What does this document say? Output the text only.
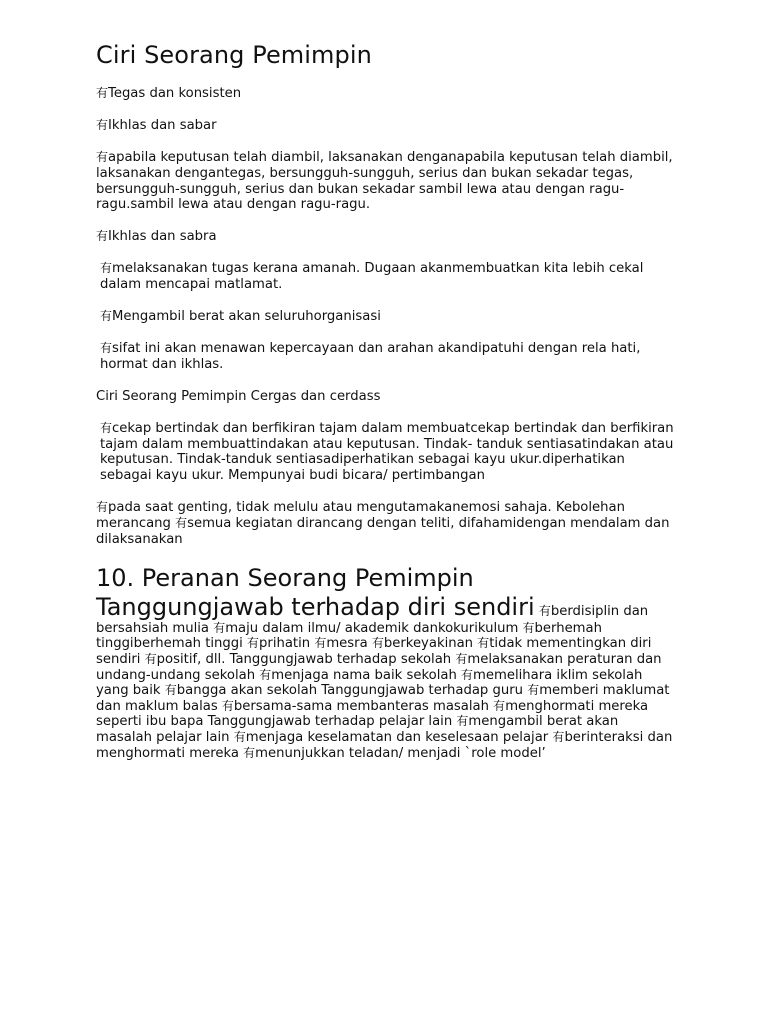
Ciri Seorang Pemimpin

有Tegas dan konsisten

有Ikhlas dan sabar

有apabila keputusan telah diambil, laksanakan denganapabila keputusan telah diambil, laksanakan dengantegas, bersungguh-sungguh, serius dan bukan sekadar tegas, bersungguh-sungguh, serius dan bukan sekadar sambil lewa atau dengan ragu-ragu.sambil lewa atau dengan ragu-ragu.

有Ikhlas dan sabra

有melaksanakan tugas kerana amanah. Dugaan akanmembuatkan kita lebih cekal dalam mencapai matlamat.

有Mengambil berat akan seluruhorganisasi

有sifat ini akan menawan kepercayaan dan arahan akandipatuhi dengan rela hati, hormat dan ikhlas.

Ciri Seorang Pemimpin Cergas dan cerdass

有cekap bertindak dan berfikiran tajam dalam membuatcekap bertindak dan berfikiran tajam dalam membuattindakan atau keputusan. Tindak- tanduk sentiasatindakan atau keputusan. Tindak-tanduk sentiasadiperhatikan sebagai kayu ukur.diperhatikan sebagai kayu ukur. Mempunyai budi bicara/ pertimbangan

有pada saat genting, tidak melulu atau mengutamakanemosi sahaja. Kebolehan merancang 有semua kegiatan dirancang dengan teliti, difahamidengan mendalam dan dilaksanakan

10. Peranan Seorang Pemimpin
Tanggungjawab terhadap diri sendiri 有berdisiplin dan bersahsiah mulia 有maju dalam ilmu/ akademik dankokurikulum 有berhemah tinggiberhemah tinggi 有prihatin 有mesra 有berkeyakinan 有tidak mementingkan diri sendiri 有positif, dll. Tanggungjawab terhadap sekolah 有melaksanakan peraturan dan undang-undang sekolah 有menjaga nama baik sekolah 有memelihara iklim sekolah yang baik 有bangga akan sekolah Tanggungjawab terhadap guru 有memberi maklumat dan maklum balas 有bersama-sama membanteras masalah 有menghormati mereka seperti ibu bapa Tanggungjawab terhadap pelajar lain 有mengambil berat akan masalah pelajar lain 有menjaga keselamatan dan keselesaan pelajar 有berinteraksi dan menghormati mereka 有menunjukkan teladan/ menjadi `role model’
